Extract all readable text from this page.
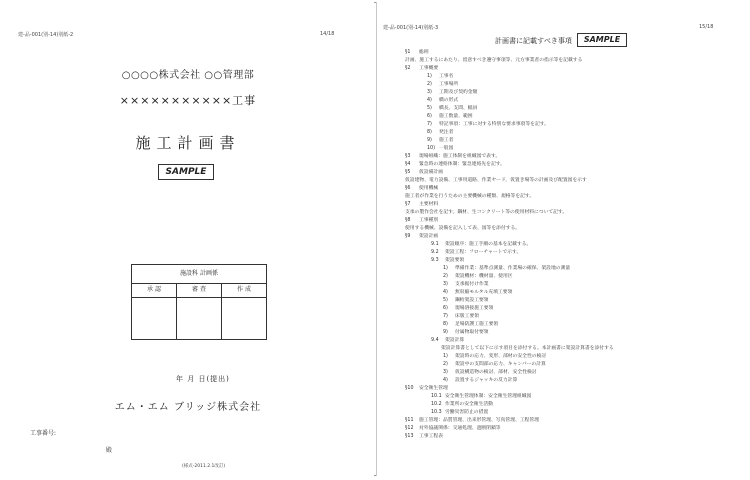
建-品-001(別-14)別紙-2	14/18
○○○○株式会社 ○○管理部
×××××××××××工事
施工計画書
SAMPLE
施設科 計画係
承 認	審 査	作 成
年 月 日(提出)
エム・エム ブリッジ株式会社
工事番号:
殿
(様式-2011.2.1改訂)
建-品-001(別-14)別紙-3	15/18
計画書に記載すべき事項	SAMPLE
§1 総則
計画、施工するにあたり、留意すべき遵守事項等、元方事業者の指示等を記載する
§2 工事概要
1) 工事名
2) 工事場所
3) 工期及び契約金額
4) 橋の形式
5) 橋長、支間、幅員
6) 施工数量、範囲
7) 特記事項：工事に対する特別な要求事項等を記す。
8) 発注者
9) 施工者
10) 一般図
§3 現場組織：施工体制を組織図で表す。
§4 緊急時の連絡体制：緊急連絡先を記す。
§5 仮設備計画
仮設建物、電力設備、工事用道路、作業ヤード、仮置き場等の計画及び配置図を示す
§6 使用機械
施工者が作業を行うための主要機械の種類、規格等を記す。
§7 主要材料
支承の製作会社を記す。鋼材、生コンクリート等の使用材料について記す。
§8 工事種別
使用する機械、設備を記入して表、図等を添付する。
§9 架設計画
9.1 架設順序：施工手順の基本を記載する。
9.2 架設工程：フローチャートで示す。
9.3 架設要領
1) 準備作業：基準点測量、作業場の確保、架設地の測量
2) 架設機材：機材量、使用区
3) 支承据付け作業
4) 無収縮モルタル充填工要領
5) 鋼桁架設工要領
6) 現場溶接施工要領
7) 床版工要領
8) 足場防護工施工要領
9) 付属物取付要領
9.4 架設計算
架設計算書として以下に示す項目を添付する。本計画書に架設計算書を添付する
1) 架設時の応力、変形、部材の安全性の検討
2) 架設中の支間部の応力、キャンバーの計算
3) 仮設構造物の検討、部材、安全性検討
4) 設置するジャッキの反力計算
§10 安全衛生管理
10.1 安全衛生管理体制：安全衛生管理組織図
10.2 作業所の安全衛生活動
10.3 労働災害防止の措置
§11 施工管理：品質管理、出来形管理、写真管理、工程管理
§12 対外協議関係：交通処理、遮断閉鎖等
§13 工事工程表
